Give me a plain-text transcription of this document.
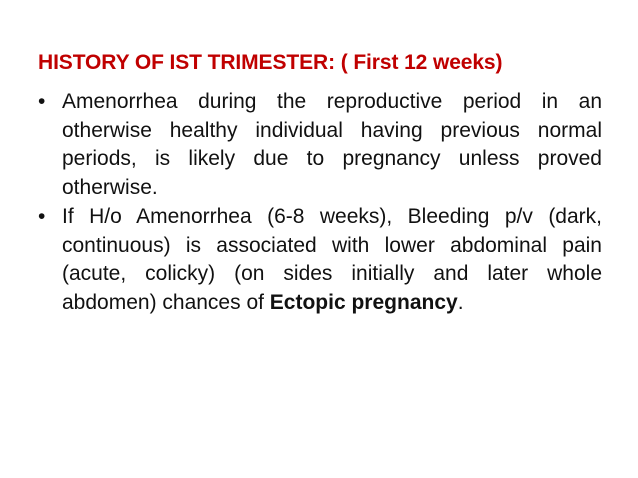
HISTORY OF IST TRIMESTER: ( First 12 weeks)
• Amenorrhea during the reproductive period in an otherwise healthy individual having previous normal periods, is likely due to pregnancy unless proved otherwise.
• If H/o Amenorrhea (6-8 weeks), Bleeding p/v (dark, continuous) is associated with lower abdominal pain (acute, colicky) (on sides initially and later whole abdomen) chances of Ectopic pregnancy.
